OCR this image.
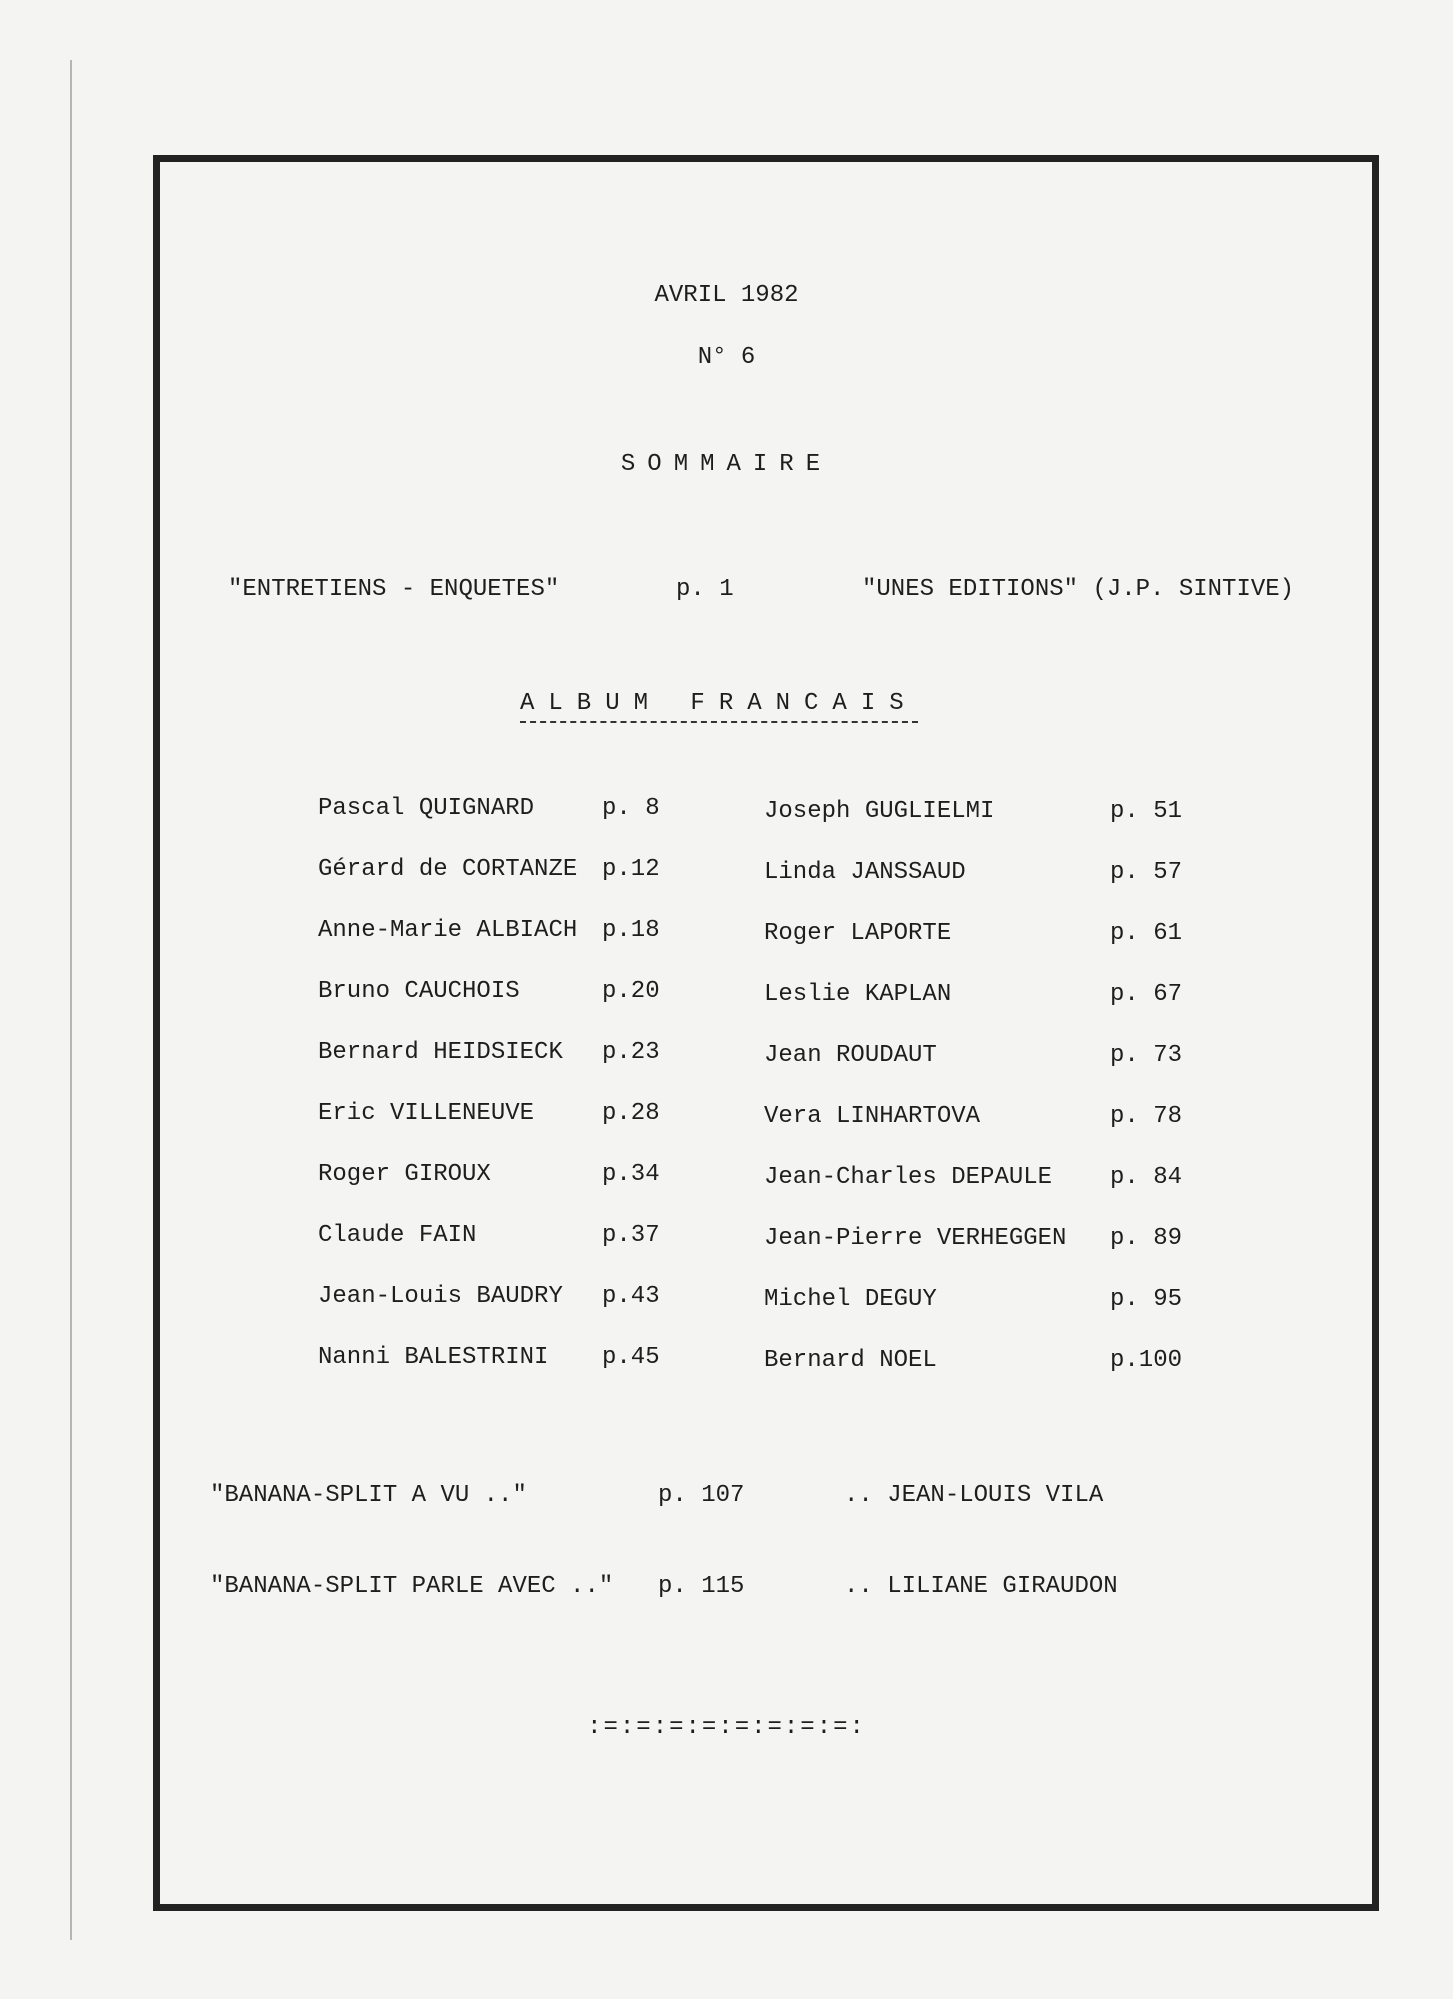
AVRIL 1982
N° 6
SOMMAIRE
"ENTRETIENS - ENQUETES"	p. 1	"UNES EDITIONS" (J.P. SINTIVE)
ALBUM FRANCAIS
Pascal QUIGNARD	p. 8
Gérard de CORTANZE p.12
Anne-Marie ALBIACH p.18
Bruno CAUCHOIS	p.20
Bernard HEIDSIECK p.23
Eric VILLENEUVE	p.28
Roger GIROUX	p.34
Claude FAIN	p.37
Jean-Louis BAUDRY p.43
Nanni BALESTRINI p.45
Joseph GUGLIELMI	p. 51
Linda JANSSAUD	p. 57
Roger LAPORTE	p. 61
Leslie KAPLAN	p. 67
Jean ROUDAUT	p. 73
Vera LINHARTOVA	p. 78
Jean-Charles DEPAULE p. 84
Jean-Pierre VERHEGGEN p. 89
Michel DEGUY	p. 95
Bernard NOEL	p.100
"BANANA-SPLIT A VU .."	p. 107	.. JEAN-LOUIS VILA
"BANANA-SPLIT PARLE AVEC .." p. 115	.. LILIANE GIRAUDON
:=:=:=:=:=:=:=:=:
